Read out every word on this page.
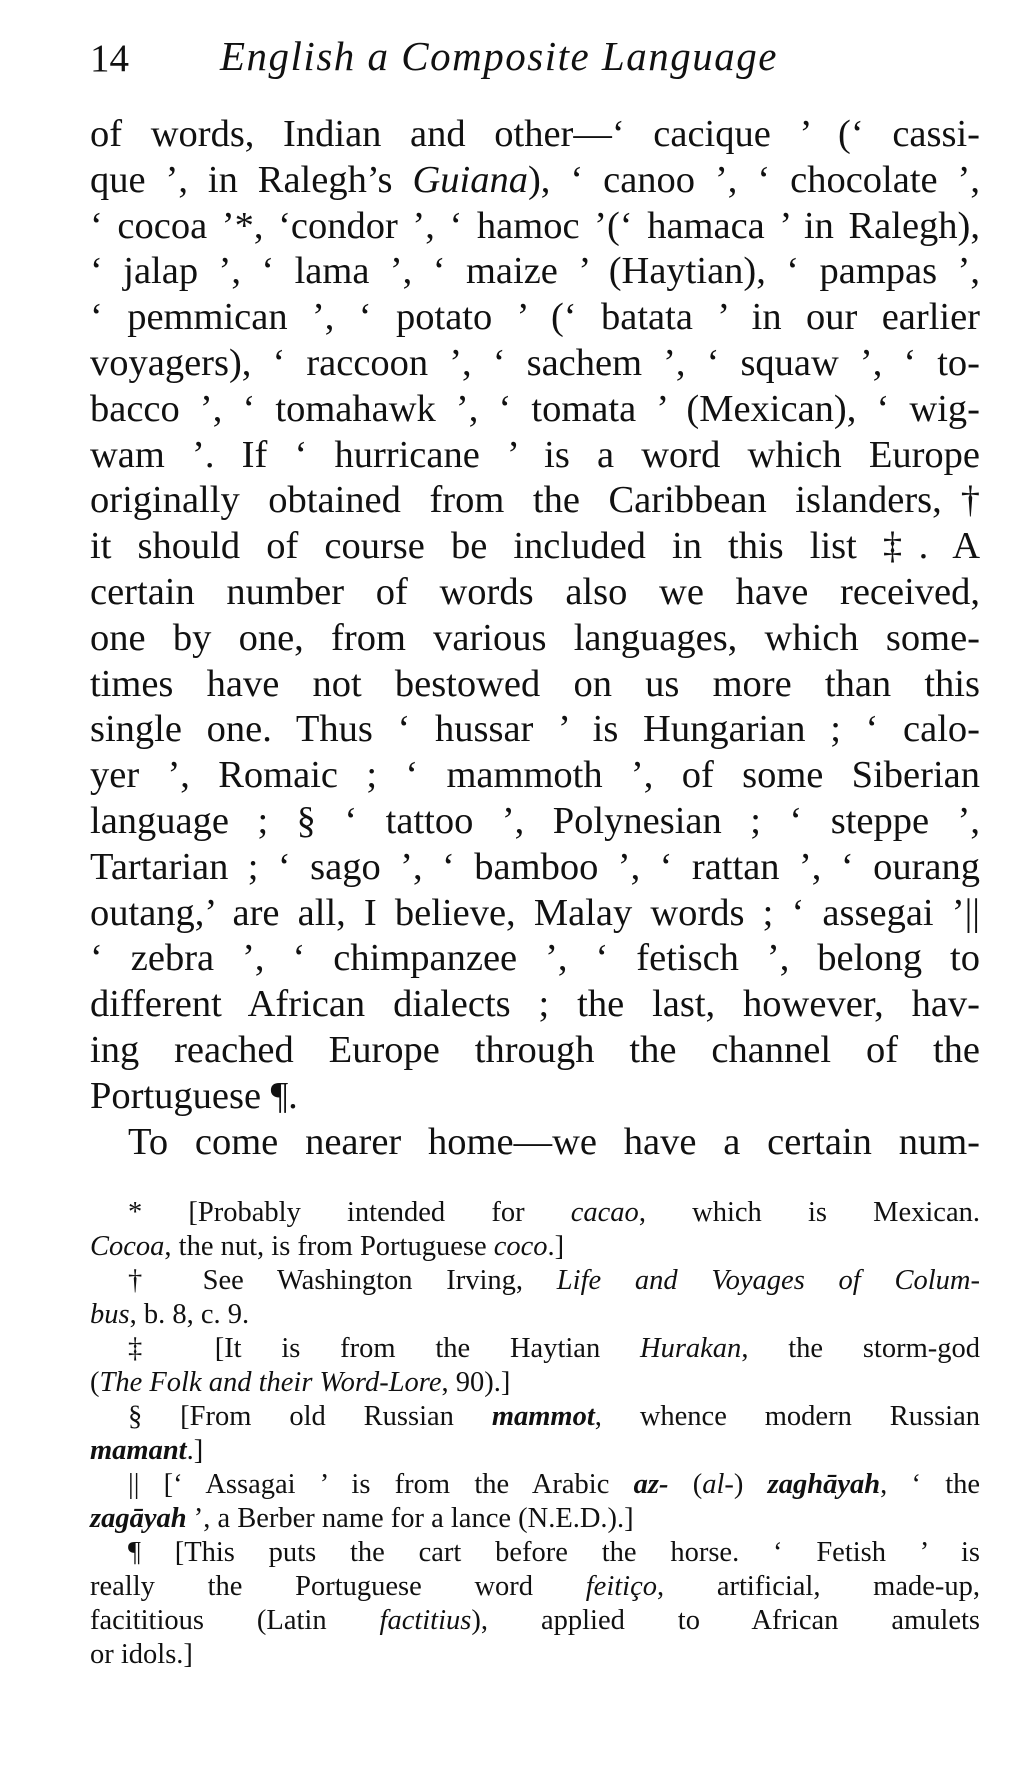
14 English a Composite Language
of words, Indian and other—‘ cacique ’ (‘ cassi-
que ’, in Ralegh’s Guiana), ‘ canoo ’, ‘ chocolate ’,
‘ cocoa ’*, ‘condor ’, ‘ hamoc ’(‘ hamaca ’ in Ralegh),
‘ jalap ’, ‘ lama ’, ‘ maize ’ (Haytian), ‘ pampas ’,
‘ pemmican ’, ‘ potato ’ (‘ batata ’ in our earlier
voyagers), ‘ raccoon ’, ‘ sachem ’, ‘ squaw ’, ‘ to-
bacco ’, ‘ tomahawk ’, ‘ tomata ’ (Mexican), ‘ wig-
wam ’. If ‘ hurricane ’ is a word which Europe
originally obtained from the Caribbean islanders,†
it should of course be included in this list ‡. A
certain number of words also we have received,
one by one, from various languages, which some-
times have not bestowed on us more than this
single one. Thus ‘ hussar ’ is Hungarian ; ‘ calo-
yer ’, Romaic ; ‘ mammoth ’, of some Siberian
language ; § ‘ tattoo ’, Polynesian ; ‘ steppe ’,
Tartarian ; ‘ sago ’, ‘ bamboo ’, ‘ rattan ’, ‘ ourang
outang,’ are all, I believe, Malay words ; ‘ assegai ’||
‘ zebra ’, ‘ chimpanzee ’, ‘ fetisch ’, belong to
different African dialects ; the last, however, hav-
ing reached Europe through the channel of the
Portuguese ¶.
To come nearer home—we have a certain num-
* [Probably intended for cacao, which is Mexican.
Cocoa, the nut, is from Portuguese coco.]
† See Washington Irving, Life and Voyages of Colum-
bus, b. 8, c. 9.
‡ [It is from the Haytian Hurakan, the storm-god
(The Folk and their Word-Lore, 90).]
§ [From old Russian mammot, whence modern Russian
mamant.]
|| [‘ Assagai ’ is from the Arabic az- (al-) zaghāyah, ‘ the
zagāyah ’, a Berber name for a lance (N.E.D.).]
¶ [This puts the cart before the horse. ‘ Fetish ’ is
really the Portuguese word feitiço, artificial, made-up,
facititious (Latin factitius), applied to African amulets
or idols.]
